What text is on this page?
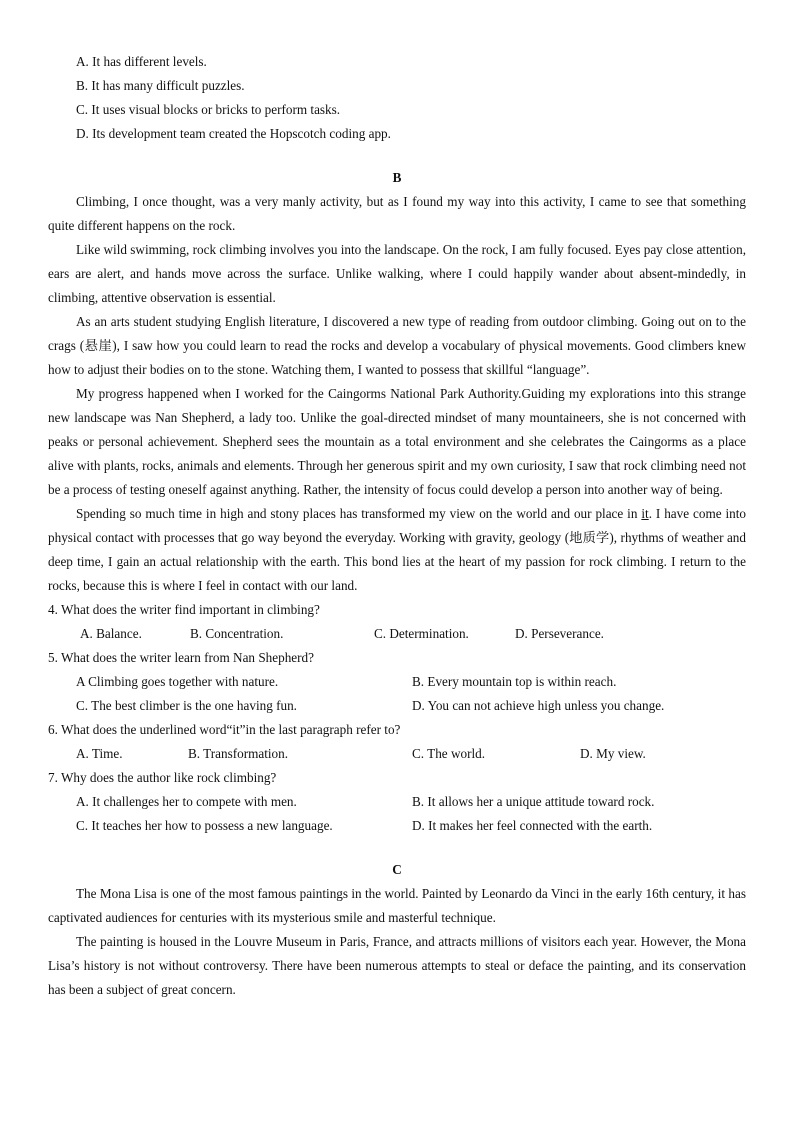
A. It has different levels.
B. It has many difficult puzzles.
C. It uses visual blocks or bricks to perform tasks.
D. Its development team created the Hopscotch coding app.
B

Climbing, I once thought, was a very manly activity, but as I found my way into this activity, I came to see that something quite different happens on the rock.

Like wild swimming, rock climbing involves you into the landscape. On the rock, I am fully focused. Eyes pay close attention, ears are alert, and hands move across the surface. Unlike walking, where I could happily wander about absent-mindedly, in climbing, attentive observation is essential.

As an arts student studying English literature, I discovered a new type of reading from outdoor climbing. Going out on to the crags (悬崖), I saw how you could learn to read the rocks and develop a vocabulary of physical movements. Good climbers knew how to adjust their bodies on to the stone. Watching them, I wanted to possess that skillful “language”.

My progress happened when I worked for the Caingorms National Park Authority.Guiding my explorations into this strange new landscape was Nan Shepherd, a lady too. Unlike the goal-directed mindset of many mountaineers, she is not concerned with peaks or personal achievement. Shepherd sees the mountain as a total environment and she celebrates the Caingorms as a place alive with plants, rocks, animals and elements. Through her generous spirit and my own curiosity, I saw that rock climbing need not be a process of testing oneself against anything. Rather, the intensity of focus could develop a person into another way of being.

Spending so much time in high and stony places has transformed my view on the world and our place in it. I have come into physical contact with processes that go way beyond the everyday. Working with gravity, geology (地质学), rhythms of weather and deep time, I gain an actual relationship with the earth. This bond lies at the heart of my passion for rock climbing. I return to the rocks, because this is where I feel in contact with our land.

4. What does the writer find important in climbing?

A. Balance.	B. Concentration.	C. Determination.	D. Perseverance.

5. What does the writer learn from Nan Shepherd?

A Climbing goes together with nature.	B. Every mountain top is within reach.
C. The best climber is the one having fun.	D. You can not achieve high unless you change.

6. What does the underlined word“it”in the last paragraph refer to?

A. Time.	B. Transformation.	C. The world.	D. My view.

7. Why does the author like rock climbing?

A. It challenges her to compete with men.	B. It allows her a unique attitude toward rock.
C. It teaches her how to possess a new language.	D. It makes her feel connected with the earth.
C

The Mona Lisa is one of the most famous paintings in the world. Painted by Leonardo da Vinci in the early 16th century, it has captivated audiences for centuries with its mysterious smile and masterful technique.

The painting is housed in the Louvre Museum in Paris, France, and attracts millions of visitors each year. However, the Mona Lisa’s history is not without controversy. There have been numerous attempts to steal or deface the painting, and its conservation has been a subject of great concern.
